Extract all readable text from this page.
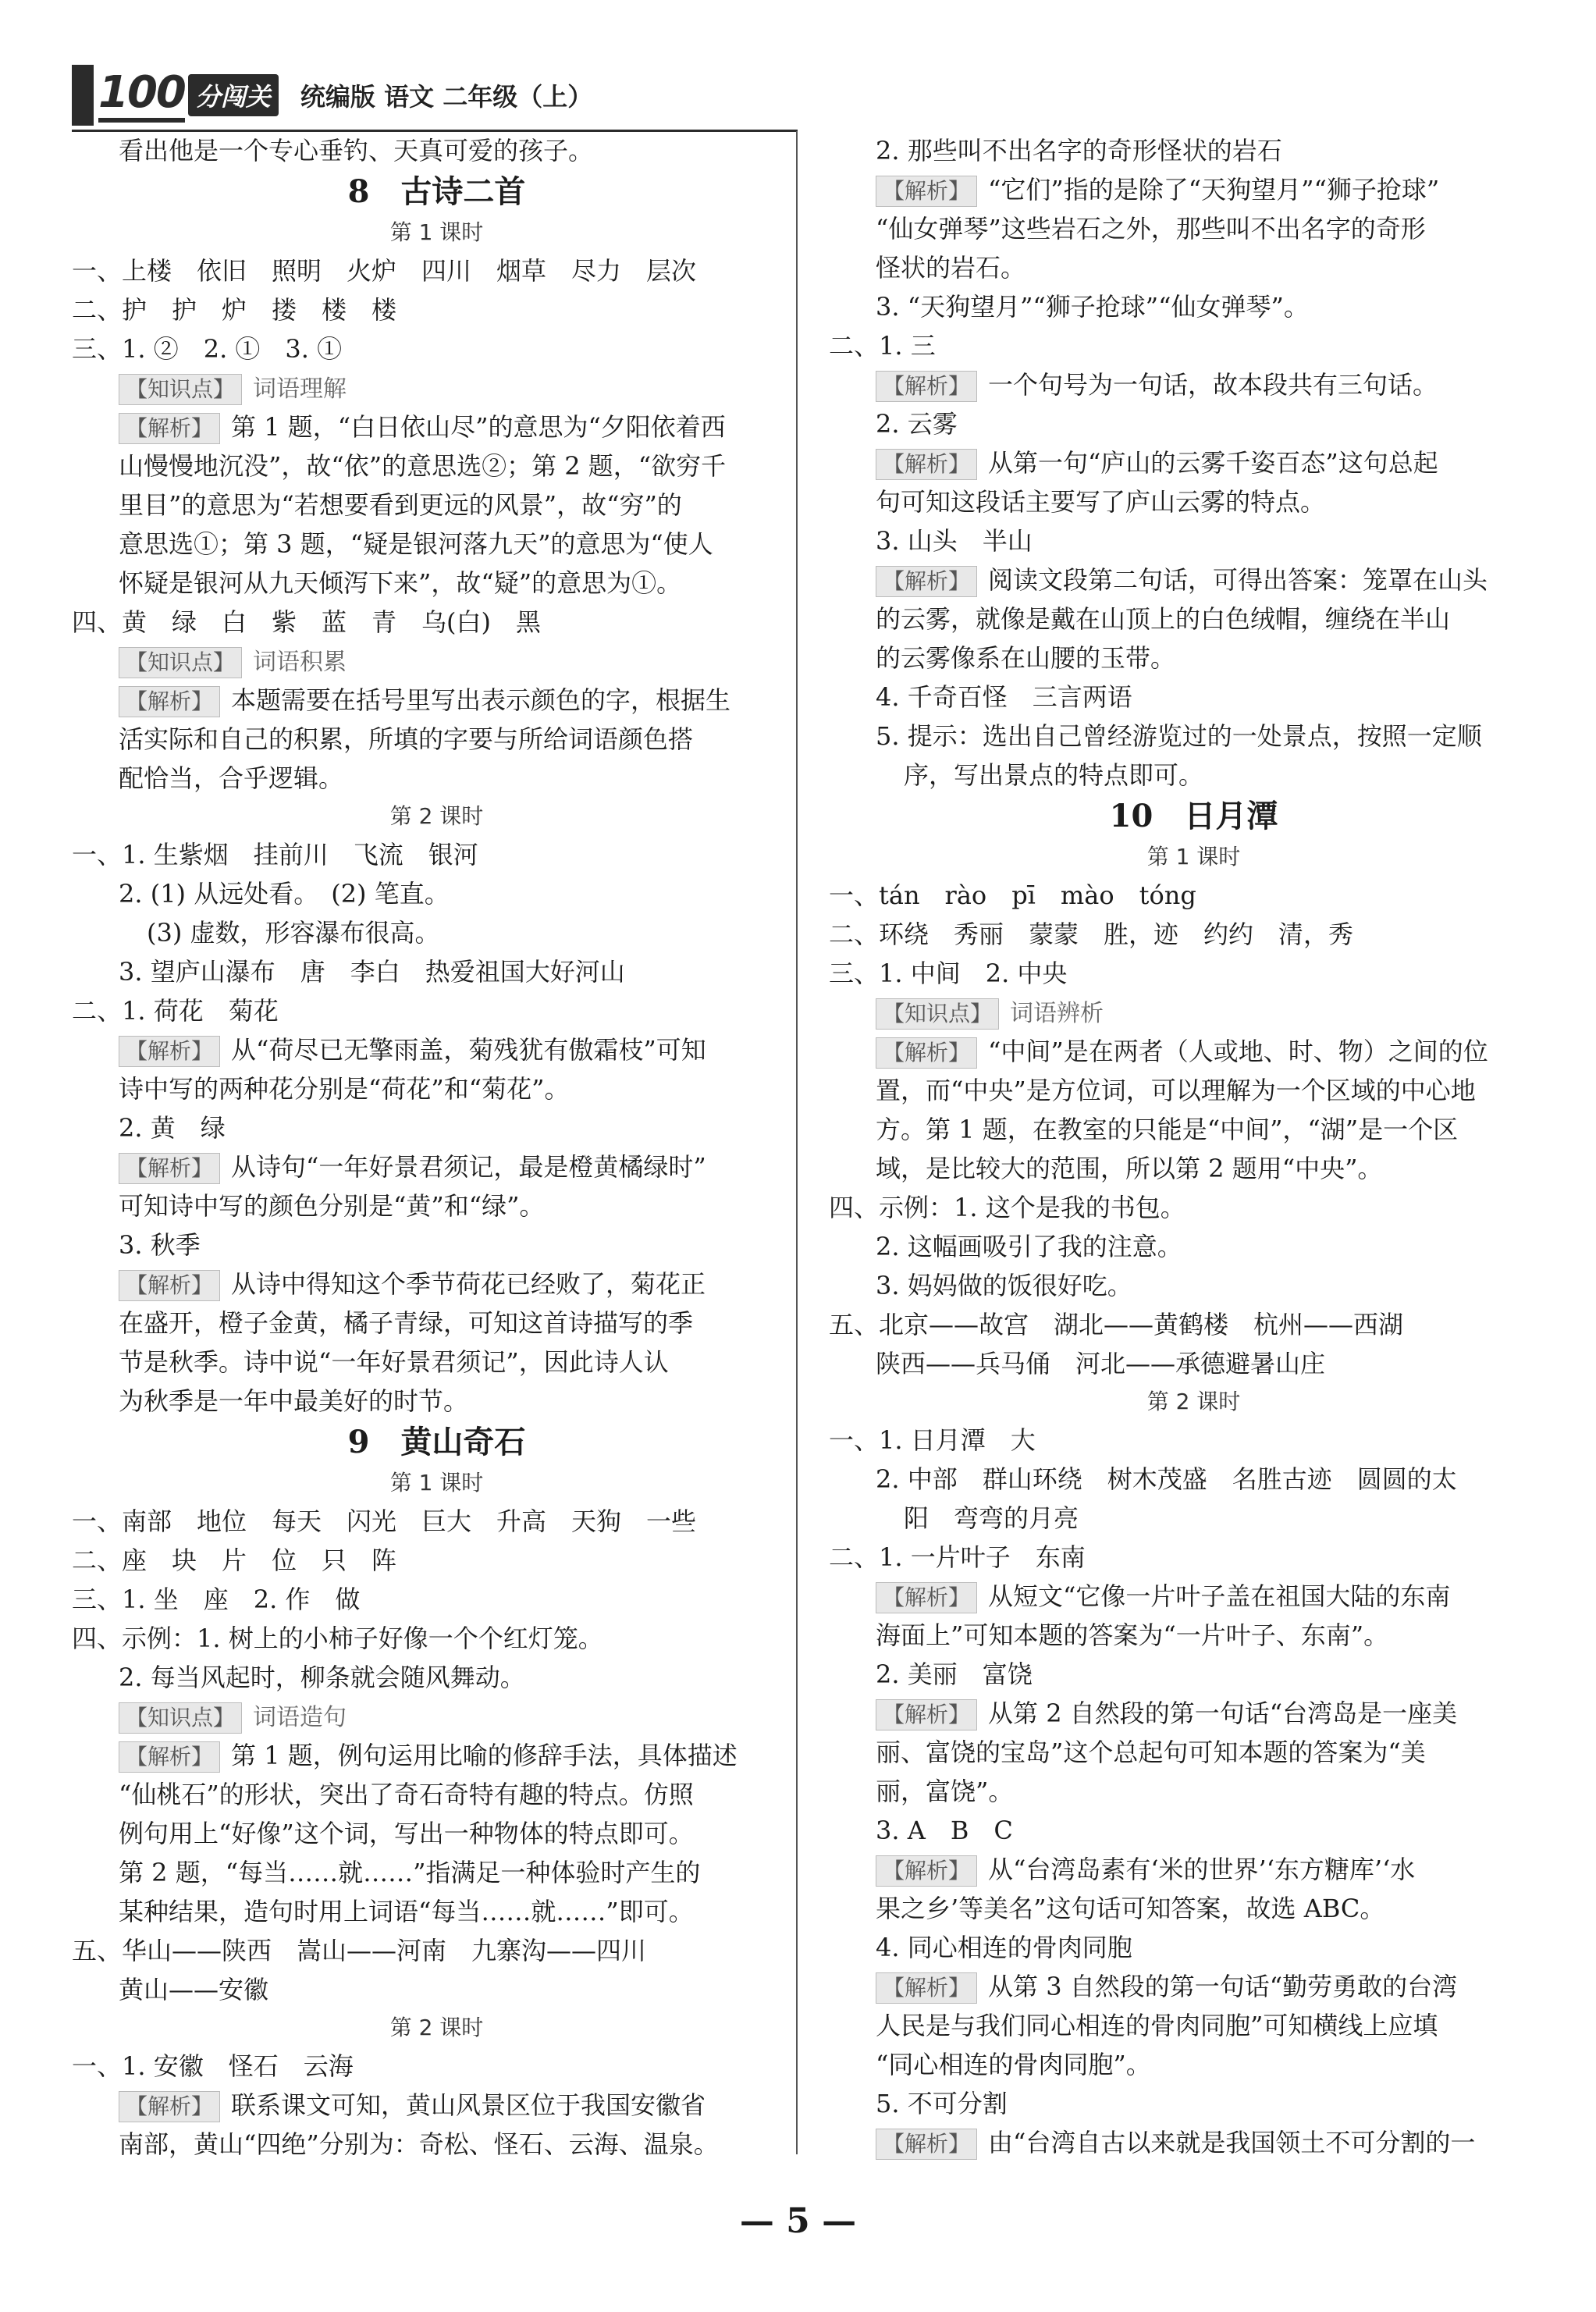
100 分闯关	统编版 语文 二年级（上）
看出他是一个专心垂钓、天真可爱的孩子。
8　古诗二首
第 1 课时
一、上楼　依旧　照明　火炉　四川　烟草　尽力　层次
二、护　护　炉　搂　楼　楼
三、1. ②　2. ①　3. ①
【知识点】 词语理解
【解析】 第 1 题，“白日依山尽”的意思为“夕阳依着西
山慢慢地沉没”，故“依”的意思选②；第 2 题，“欲穷千
里目”的意思为“若想要看到更远的风景”，故“穷”的
意思选①；第 3 题，“疑是银河落九天”的意思为“使人
怀疑是银河从九天倾泻下来”，故“疑”的意思为①。
四、黄　绿　白　紫　蓝　青　乌(白)　黑
【知识点】 词语积累
【解析】 本题需要在括号里写出表示颜色的字，根据生
活实际和自己的积累，所填的字要与所给词语颜色搭
配恰当，合乎逻辑。
第 2 课时
一、1. 生紫烟　挂前川　飞流　银河
2. (1) 从远处看。　(2) 笔直。
(3) 虚数，形容瀑布很高。
3. 望庐山瀑布　唐　李白　热爱祖国大好河山
二、1. 荷花　菊花
【解析】 从“荷尽已无擎雨盖，菊残犹有傲霜枝”可知
诗中写的两种花分别是“荷花”和“菊花”。
2. 黄　绿
【解析】 从诗句“一年好景君须记，最是橙黄橘绿时”
可知诗中写的颜色分别是“黄”和“绿”。
3. 秋季
【解析】 从诗中得知这个季节荷花已经败了，菊花正
在盛开，橙子金黄，橘子青绿，可知这首诗描写的季
节是秋季。诗中说“一年好景君须记”，因此诗人认
为秋季是一年中最美好的时节。
9　黄山奇石
第 1 课时
一、南部　地位　每天　闪光　巨大　升高　天狗　一些
二、座　块　片　位　只　阵
三、1. 坐　座　2. 作　做
四、示例：1. 树上的小柿子好像一个个红灯笼。
2. 每当风起时，柳条就会随风舞动。
【知识点】 词语造句
【解析】 第 1 题，例句运用比喻的修辞手法，具体描述
“仙桃石”的形状，突出了奇石奇特有趣的特点。仿照
例句用上“好像”这个词，写出一种物体的特点即可。
第 2 题，“每当……就……”指满足一种体验时产生的
某种结果，造句时用上词语“每当……就……”即可。
五、华山——陕西　嵩山——河南　九寨沟——四川
黄山——安徽
第 2 课时
一、1. 安徽　怪石　云海
【解析】 联系课文可知，黄山风景区位于我国安徽省
南部，黄山“四绝”分别为：奇松、怪石、云海、温泉。
2. 那些叫不出名字的奇形怪状的岩石
【解析】 “它们”指的是除了“天狗望月”“狮子抢球”
“仙女弹琴”这些岩石之外，那些叫不出名字的奇形
怪状的岩石。
3. “天狗望月”“狮子抢球”“仙女弹琴”。
二、1. 三
【解析】 一个句号为一句话，故本段共有三句话。
2. 云雾
【解析】 从第一句“庐山的云雾千姿百态”这句总起
句可知这段话主要写了庐山云雾的特点。
3. 山头　半山
【解析】 阅读文段第二句话，可得出答案：笼罩在山头
的云雾，就像是戴在山顶上的白色绒帽，缠绕在半山
的云雾像系在山腰的玉带。
4. 千奇百怪　三言两语
5. 提示：选出自己曾经游览过的一处景点，按照一定顺
序，写出景点的特点即可。
10　日月潭
第 1 课时
一、tán　rào　pī　mào　tóng
二、环绕　秀丽　蒙蒙　胜，迹　约约　清，秀
三、1. 中间　2. 中央
【知识点】 词语辨析
【解析】 “中间”是在两者（人或地、时、物）之间的位
置，而“中央”是方位词，可以理解为一个区域的中心地
方。第 1 题，在教室的只能是“中间”，“湖”是一个区
域，是比较大的范围，所以第 2 题用“中央”。
四、示例：1. 这个是我的书包。
2. 这幅画吸引了我的注意。
3. 妈妈做的饭很好吃。
五、北京——故宫　湖北——黄鹤楼　杭州——西湖
陕西——兵马俑　河北——承德避暑山庄
第 2 课时
一、1. 日月潭　大
2. 中部　群山环绕　树木茂盛　名胜古迹　圆圆的太
阳　弯弯的月亮
二、1. 一片叶子　东南
【解析】 从短文“它像一片叶子盖在祖国大陆的东南
海面上”可知本题的答案为“一片叶子、东南”。
2. 美丽　富饶
【解析】 从第 2 自然段的第一句话“台湾岛是一座美
丽、富饶的宝岛”这个总起句可知本题的答案为“美
丽，富饶”。
3. A　B　C
【解析】 从“台湾岛素有‘米的世界’‘东方糖库’‘水
果之乡’等美名”这句话可知答案，故选 ABC。
4. 同心相连的骨肉同胞
【解析】 从第 3 自然段的第一句话“勤劳勇敢的台湾
人民是与我们同心相连的骨肉同胞”可知横线上应填
“同心相连的骨肉同胞”。
5. 不可分割
【解析】 由“台湾自古以来就是我国领土不可分割的一
— 5 —
